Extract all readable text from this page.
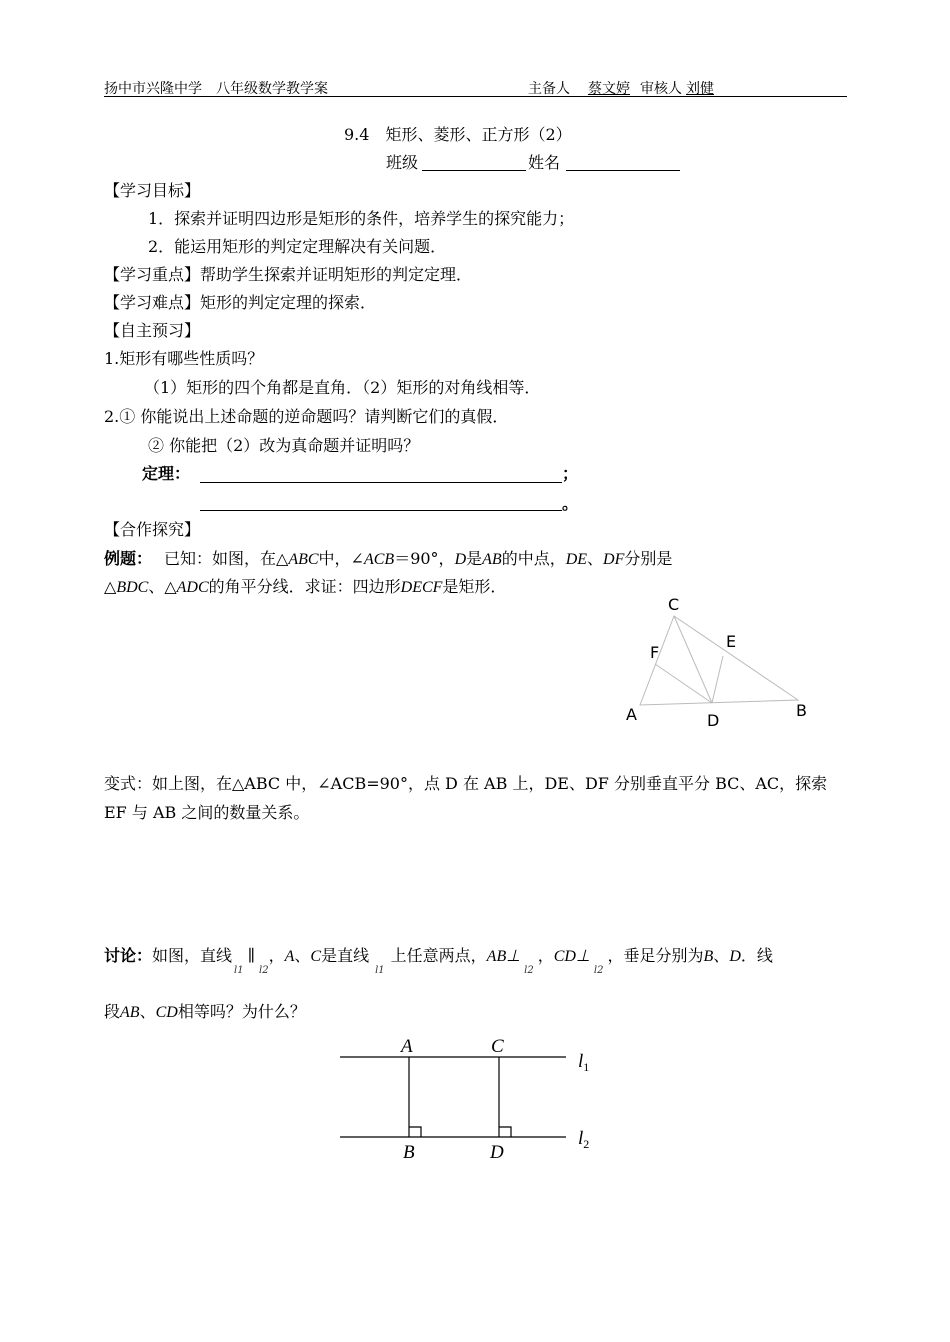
扬中市兴隆中学　八年级数学教学案	主备人 蔡文婷 审核人 刘健
9.4　矩形、菱形、正方形（2）
班级	姓名
【学习目标】
1．探索并证明四边形是矩形的条件，培养学生的探究能力；
2．能运用矩形的判定定理解决有关问题．
【学习重点】帮助学生探索并证明矩形的判定定理．
【学习难点】矩形的判定定理的探索．
【自主预习】
1.矩形有哪些性质吗？
（1）矩形的四个角都是直角．（2）矩形的对角线相等．
2.① 你能说出上述命题的逆命题吗？请判断它们的真假．
② 你能把（2）改为真命题并证明吗？
定理：	；
。
【合作探究】
例题： 已知：如图，在△ABC中，∠ACB＝90°，D是AB的中点，DE、DF分别是
△BDC、△ADC的角平分线．求证：四边形DECF是矩形．
C
E
F
A	D
B
变式：如上图，在△ABC 中，∠ACB=90°，点 D 在 AB 上，DE、DF 分别垂直平分 BC、AC，探索
EF 与 AB 之间的数量关系。
讨论：如图，直线$_{l1}\parallel_{l2}$，A、C是直线$_{l1}$上任意两点，$AB\perp_{l2}$，$CD\perp_{l2}$，垂足分别为B、D．线
段AB、CD相等吗？为什么？
A	C
B	D
$l_1$
$l_2$
